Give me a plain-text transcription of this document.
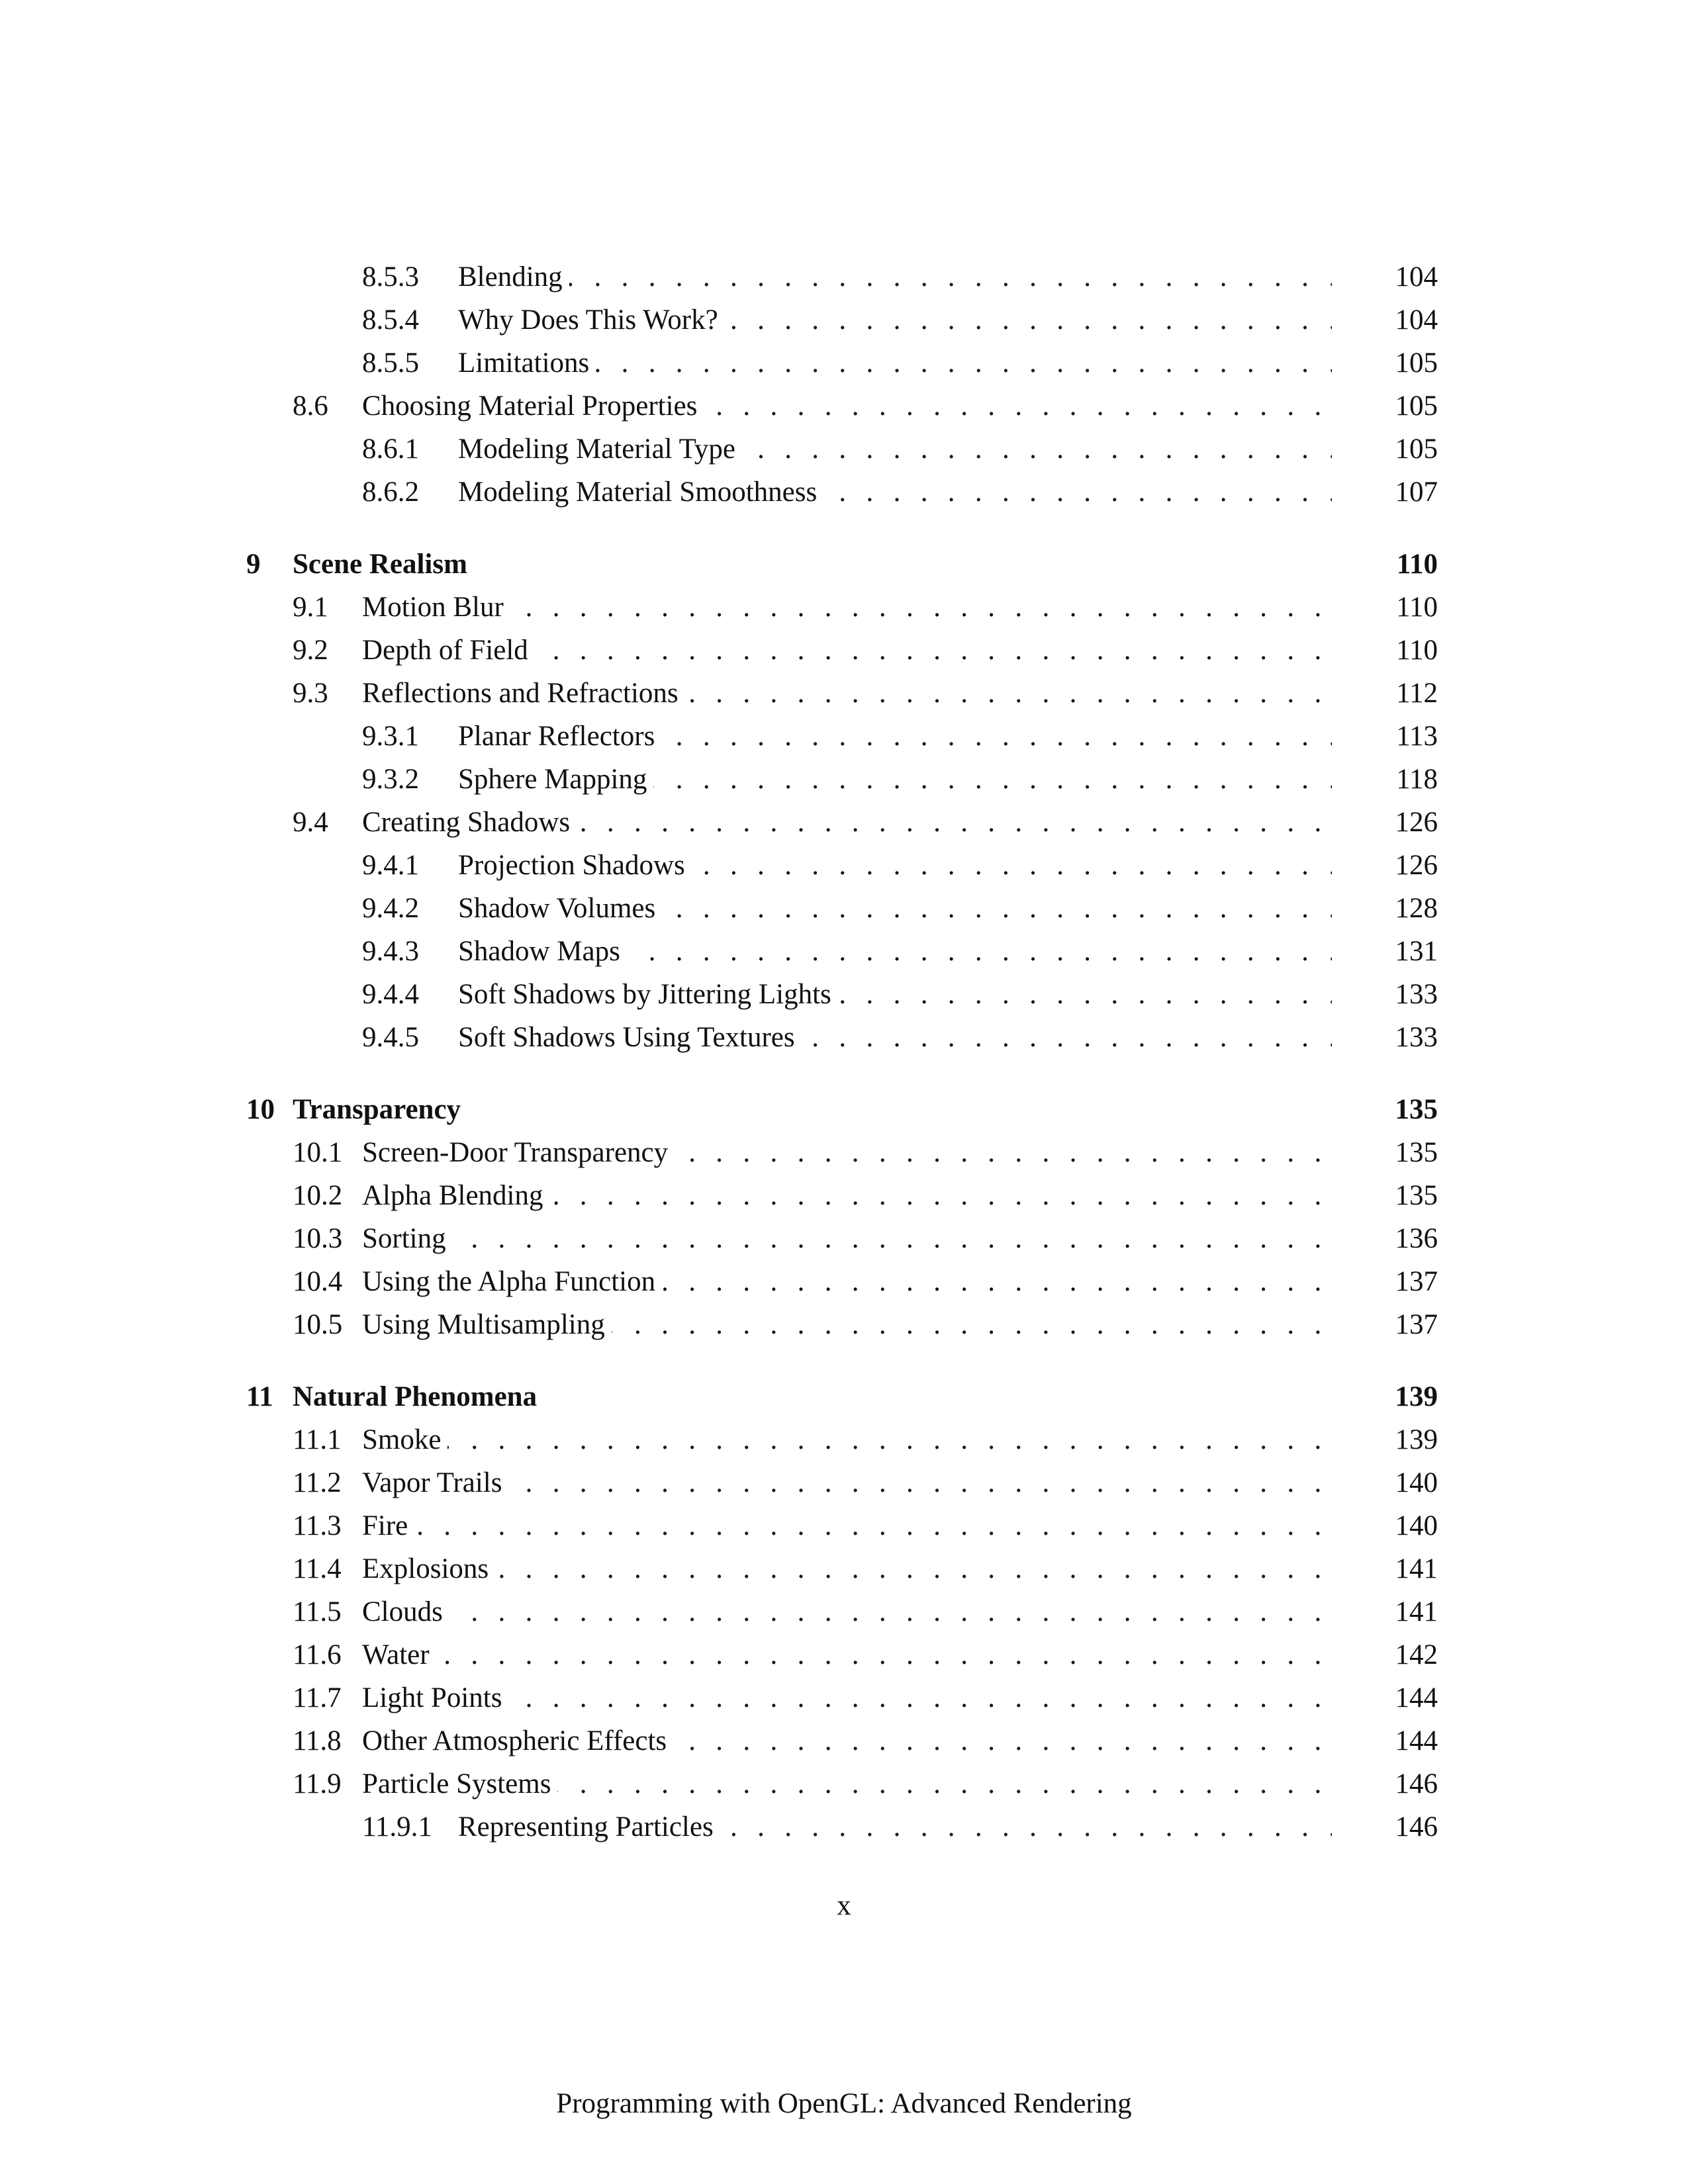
8.5.3 Blending . . .	104
8.5.4 Why Does This Work? . . .	104
8.5.5 Limitations . . .	105
8.6 Choosing Material Properties . . .	105
8.6.1 Modeling Material Type . . .	105
8.6.2 Modeling Material Smoothness . . .	107
9 Scene Realism	110
9.1 Motion Blur . . .	110
9.2 Depth of Field . . .	110
9.3 Reflections and Refractions . . .	112
9.3.1 Planar Reflectors . . .	113
9.3.2 Sphere Mapping . . .	118
9.4 Creating Shadows . . .	126
9.4.1 Projection Shadows . . .	126
9.4.2 Shadow Volumes . . .	128
9.4.3 Shadow Maps . . .	131
9.4.4 Soft Shadows by Jittering Lights . . .	133
9.4.5 Soft Shadows Using Textures . . .	133
10 Transparency	135
10.1 Screen-Door Transparency . . .	135
10.2 Alpha Blending . . .	135
10.3 Sorting . . .	136
10.4 Using the Alpha Function . . .	137
10.5 Using Multisampling . . .	137
11 Natural Phenomena	139
11.1 Smoke . . .	139
11.2 Vapor Trails . . .	140
11.3 Fire . . .	140
11.4 Explosions . . .	141
11.5 Clouds . . .	141
11.6 Water . . .	142
11.7 Light Points . . .	144
11.8 Other Atmospheric Effects . . .	144
11.9 Particle Systems . . .	146
11.9.1 Representing Particles . . .	146
x
Programming with OpenGL: Advanced Rendering
